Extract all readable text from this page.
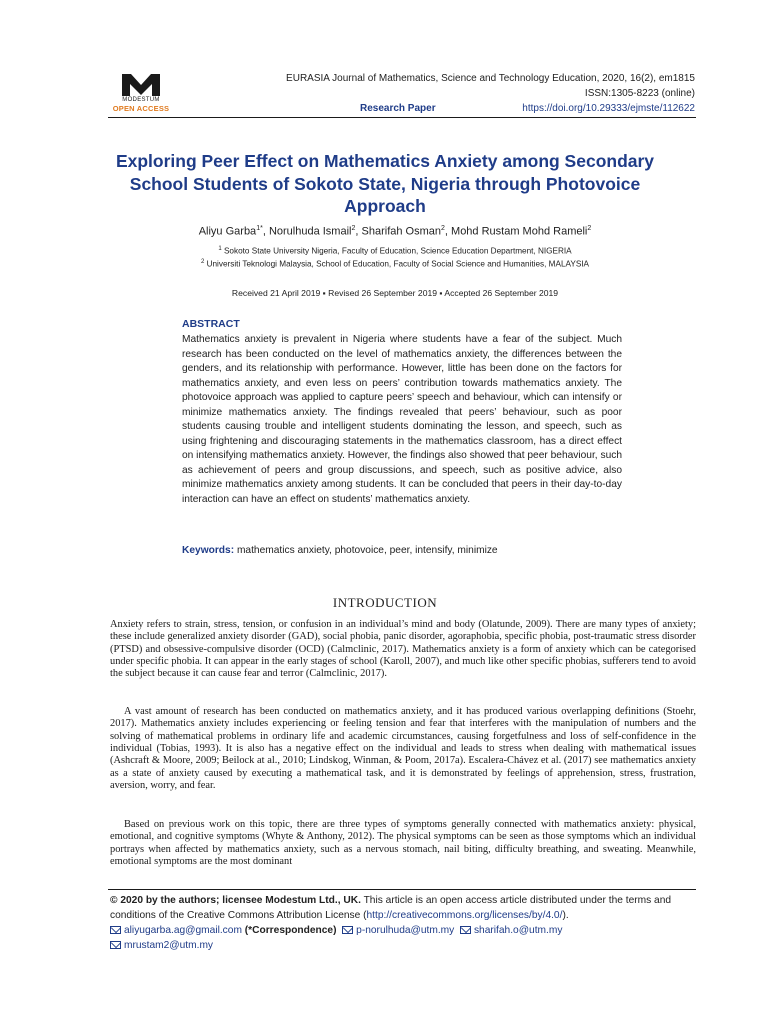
MODESTUM
OPEN ACCESS
EURASIA Journal of Mathematics, Science and Technology Education, 2020, 16(2), em1815
ISSN:1305-8223 (online)
Research Paper	https://doi.org/10.29333/ejmste/112622
Exploring Peer Effect on Mathematics Anxiety among Secondary School Students of Sokoto State, Nigeria through Photovoice Approach
Aliyu Garba$^{1*}$, Norulhuda Ismail$^2$, Sharifah Osman$^2$, Mohd Rustam Mohd Rameli$^2$
$^1$ Sokoto State University Nigeria, Faculty of Education, Science Education Department, NIGERIA
$^2$ Universiti Teknologi Malaysia, School of Education, Faculty of Social Science and Humanities, MALAYSIA
Received 21 April 2019 ▪ Revised 26 September 2019 ▪ Accepted 26 September 2019
ABSTRACT
Mathematics anxiety is prevalent in Nigeria where students have a fear of the subject. Much research has been conducted on the level of mathematics anxiety, the differences between the genders, and its relationship with performance. However, little has been done on the factors for mathematics anxiety, and even less on peers’ contribution towards mathematics anxiety. The photovoice approach was applied to capture peers’ speech and behaviour, which can intensify or minimize mathematics anxiety. The findings revealed that peers’ behaviour, such as poor students causing trouble and intelligent students dominating the lesson, and speech, such as using frightening and discouraging statements in the mathematics classroom, has a direct effect on intensifying mathematics anxiety. However, the findings also showed that peer behaviour, such as achievement of peers and group discussions, and speech, such as positive advice, also minimize mathematics anxiety among students. It can be concluded that peers in their day-to-day interaction can have an effect on students’ mathematics anxiety.
Keywords: mathematics anxiety, photovoice, peer, intensify, minimize
INTRODUCTION

Anxiety refers to strain, stress, tension, or confusion in an individual’s mind and body (Olatunde, 2009). There are many types of anxiety; these include generalized anxiety disorder (GAD), social phobia, panic disorder, agoraphobia, specific phobia, post-traumatic stress disorder (PTSD) and obsessive-compulsive disorder (OCD) (Calmclinic, 2017). Mathematics anxiety is a form of anxiety which can be categorised under specific phobia. It can appear in the early stages of school (Karoll, 2007), and much like other specific phobias, sufferers tend to avoid the subject because it can cause fear and terror (Calmclinic, 2017).

A vast amount of research has been conducted on mathematics anxiety, and it has produced various overlapping definitions (Stoehr, 2017). Mathematics anxiety includes experiencing or feeling tension and fear that interferes with the manipulation of numbers and the solving of mathematical problems in ordinary life and academic circumstances, causing forgetfulness and loss of self-confidence in the individual (Tobias, 1993). It is also has a negative effect on the individual and leads to stress when dealing with mathematical issues (Ashcraft & Moore, 2009; Beilock at al., 2010; Lindskog, Winman, & Poom, 2017a). Escalera-Chávez et al. (2017) see mathematics anxiety as a state of anxiety caused by executing a mathematical task, and it is demonstrated by feelings of apprehension, stress, frustration, aversion, worry, and fear.

Based on previous work on this topic, there are three types of symptoms generally connected with mathematics anxiety: physical, emotional, and cognitive symptoms (Whyte & Anthony, 2012). The physical symptoms can be seen as those symptoms which an individual portrays when affected by mathematics anxiety, such as a nervous stomach, nail biting, difficulty breathing, and sweating. Meanwhile, emotional symptoms are the most dominant

© 2020 by the authors; licensee Modestum Ltd., UK. This article is an open access article distributed under the terms and conditions of the Creative Commons Attribution License (http://creativecommons.org/licenses/by/4.0/).
aliyugarba.ag@gmail.com (*Correspondence) p-norulhuda@utm.my sharifah.o@utm.my
mrustam2@utm.my
